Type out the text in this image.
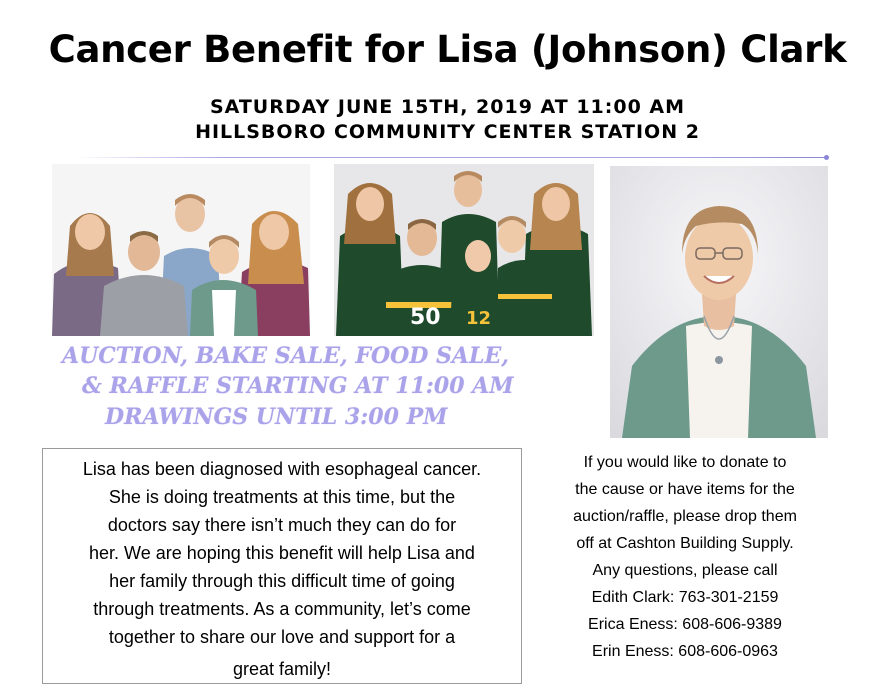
Cancer Benefit for Lisa (Johnson) Clark
SATURDAY JUNE 15TH, 2019 AT 11:00 AM
HILLSBORO COMMUNITY CENTER STATION 2
50 12
AUCTION, BAKE SALE, FOOD SALE,
& RAFFLE STARTING AT 11:00 AM
DRAWINGS UNTIL 3:00 PM
Lisa has been diagnosed with esophageal cancer.
She is doing treatments at this time, but the
doctors say there isn’t much they can do for
her. We are hoping this benefit will help Lisa and
her family through this difficult time of going
through treatments. As a community, let’s come
together to share our love and support for a
great family!
If you would like to donate to
the cause or have items for the
auction/raffle, please drop them
off at Cashton Building Supply.
Any questions, please call
Edith Clark: 763-301-2159
Erica Eness: 608-606-9389
Erin Eness: 608-606-0963
